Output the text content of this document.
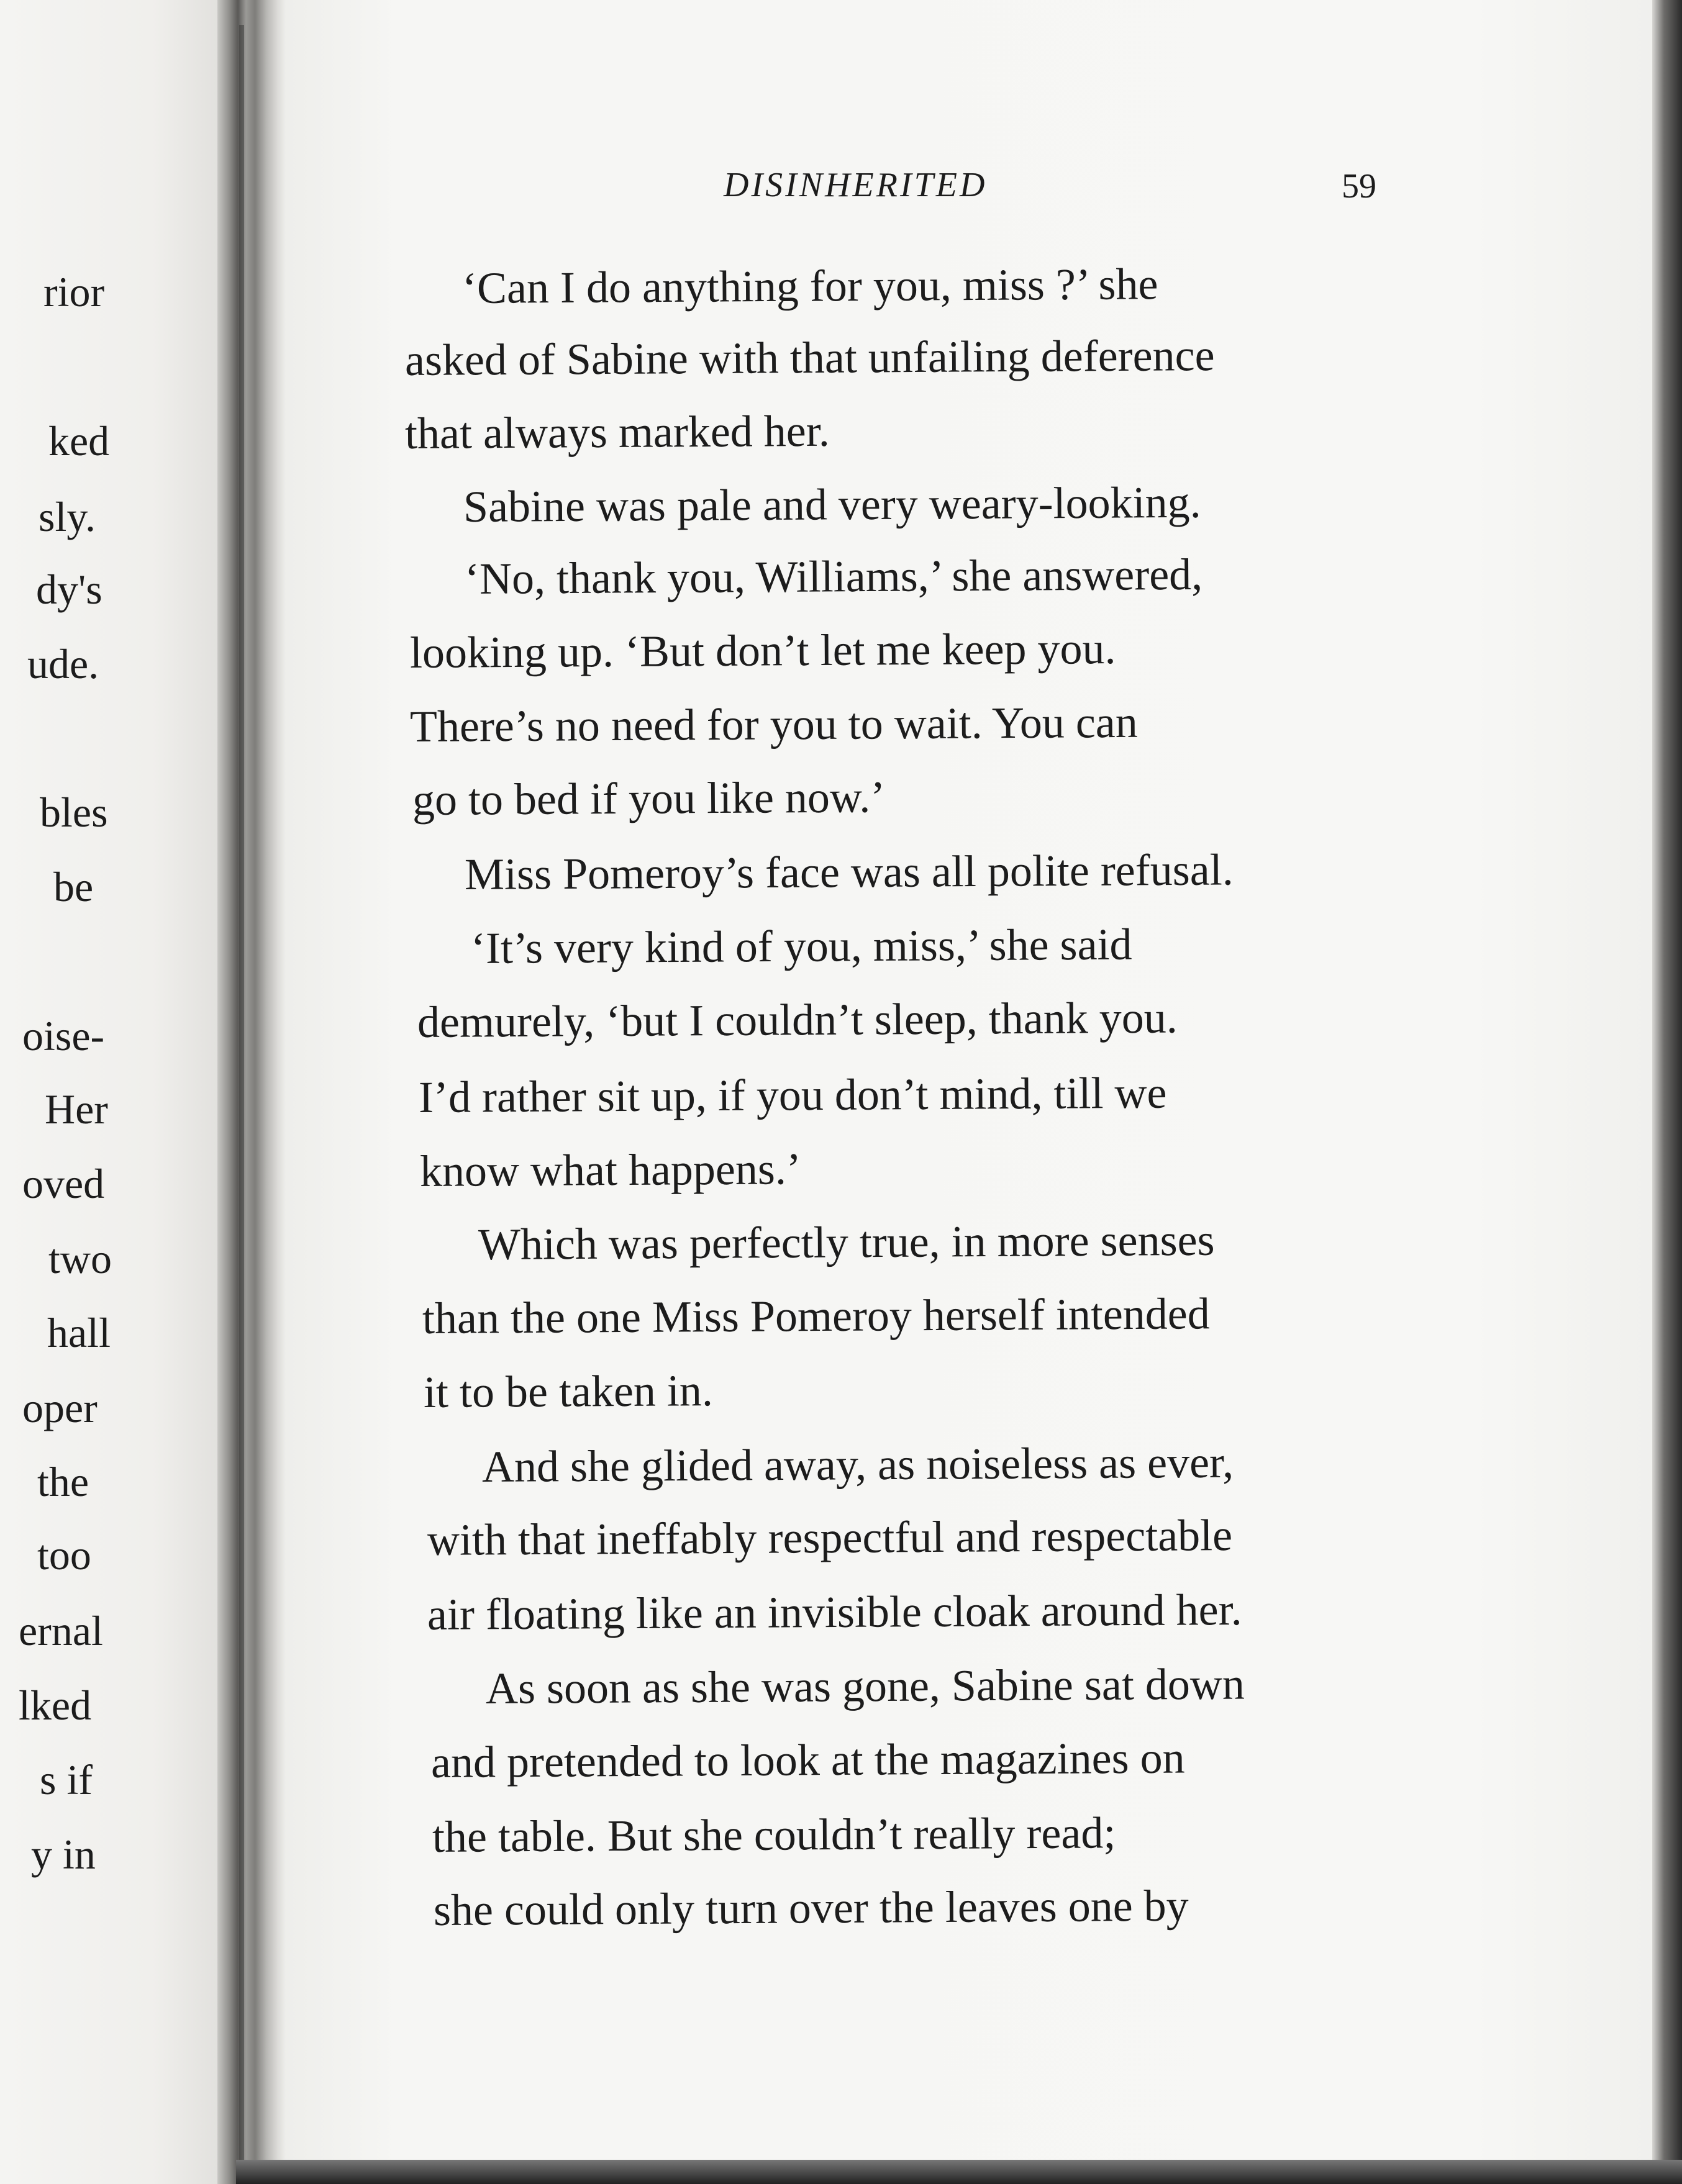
rior
ked
sly.
dy's
ude.
bles
be
oise-
Her
oved
two
hall
oper
the
too
ernal
lked
s if
y in
DISINHERITED	59
‘Can I do anything for you, miss ?’ she
asked of Sabine with that unfailing deference
that always marked her.
Sabine was pale and very weary-looking.
‘No, thank you, Williams,’ she answered,
looking up. ‘But don’t let me keep you.
There’s no need for you to wait. You can
go to bed if you like now.’
Miss Pomeroy’s face was all polite refusal.
‘It’s very kind of you, miss,’ she said
demurely, ‘but I couldn’t sleep, thank you.
I’d rather sit up, if you don’t mind, till we
know what happens.’
Which was perfectly true, in more senses
than the one Miss Pomeroy herself intended
it to be taken in.
And she glided away, as noiseless as ever,
with that ineffably respectful and respectable
air floating like an invisible cloak around her.
As soon as she was gone, Sabine sat down
and pretended to look at the magazines on
the table. But she couldn’t really read;
she could only turn over the leaves one by
